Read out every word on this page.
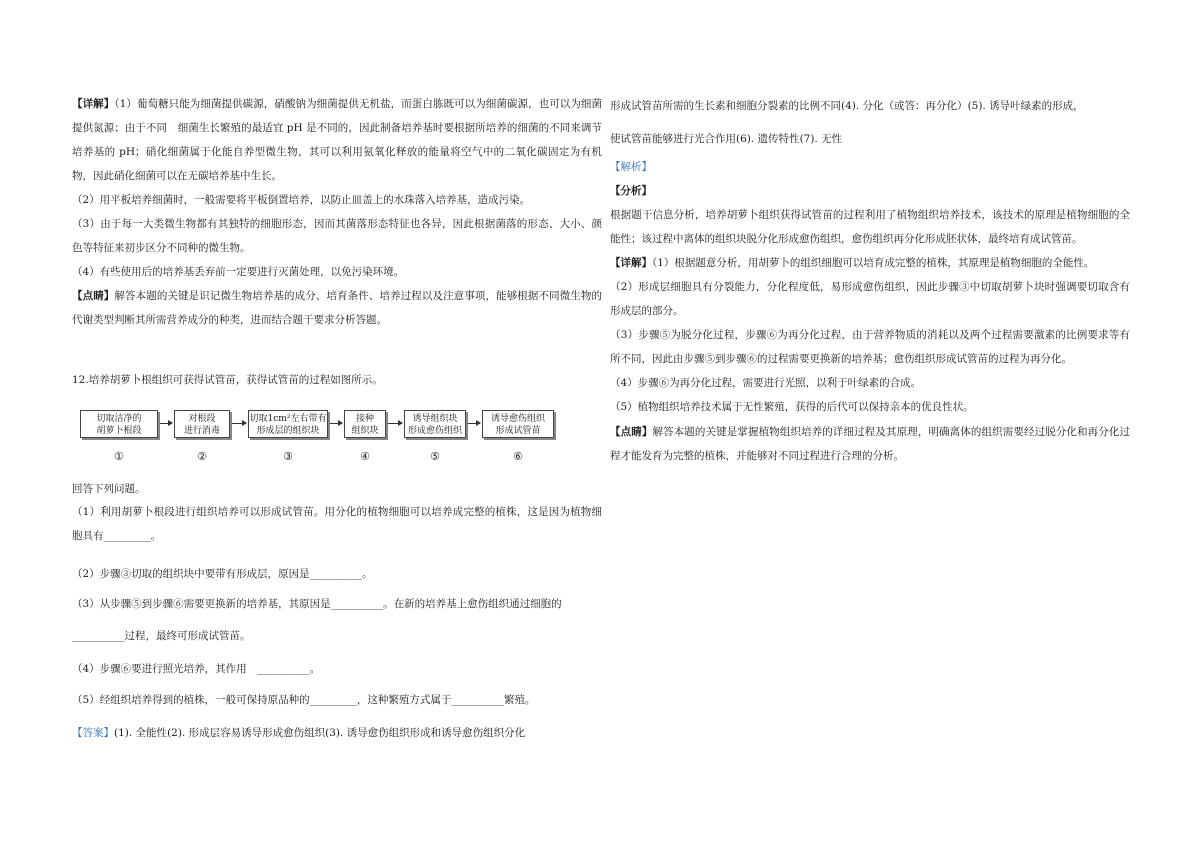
【详解】（1）葡萄糖只能为细菌提供碳源，硝酸钠为细菌提供无机盐，而蛋白胨既可以为细菌碳源，也可以为细菌提供氮源；由于不同　细菌生长繁殖的最适宜 pH 是不同的，因此制备培养基时要根据所培养的细菌的不同来调节培养基的 pH；硝化细菌属于化能自养型微生物，其可以利用氨氧化释放的能量将空气中的二氧化碳固定为有机物，因此硝化细菌可以在无碳培养基中生长。

（2）用平板培养细菌时，一般需要将平板倒置培养，以防止皿盖上的水珠落入培养基，造成污染。

（3）由于每一大类微生物都有其独特的细胞形态，因而其菌落形态特征也各异，因此根据菌落的形态、大小、颜色等特征来初步区分不同种的微生物。

（4）有些使用后的培养基丢弃前一定要进行灭菌处理，以免污染环境。

【点睛】解答本题的关键是识记微生物培养基的成分、培育条件、培养过程以及注意事项，能够根据不同微生物的代谢类型判断其所需营养成分的种类，进而结合题干要求分析答题。

12.培养胡萝卜根组织可获得试管苗，获得试管苗的过程如图所示。

切取洁净的
胡萝卜根段
对根段
进行消毒
切取1cm²左右带有
形成层的组织块
接种
组织块
诱导组织块
形成愈伤组织
诱导愈伤组织
形成试管苗
①	②	③	④	⑤	⑥

回答下列问题。

（1）利用胡萝卜根段进行组织培养可以形成试管苗。用分化的植物细胞可以培养成完整的植株，这是因为植物细胞具有_________。

（2）步骤③切取的组织块中要带有形成层，原因是__________。

（3）从步骤⑤到步骤⑥需要更换新的培养基，其原因是__________。在新的培养基上愈伤组织通过细胞的

__________过程，最终可形成试管苗。

（4）步骤⑥要进行照光培养，其作用　__________。

（5）经组织培养得到的植株，一般可保持原品种的_________，这种繁殖方式属于__________繁殖。

【答案】(1). 全能性(2). 形成层容易诱导形成愈伤组织(3). 诱导愈伤组织形成和诱导愈伤组织分化

形成试管苗所需的生长素和细胞分裂素的比例不同(4). 分化（或答：再分化）(5). 诱导叶绿素的形成，

使试管苗能够进行光合作用(6). 遗传特性(7). 无性

【解析】

【分析】

根据题干信息分析，培养胡萝卜组织获得试管苗的过程利用了植物组织培养技术，该技术的原理是植物细胞的全能性；该过程中离体的组织块脱分化形成愈伤组织，愈伤组织再分化形成胚状体，最终培育成试管苗。

【详解】（1）根据题意分析，用胡萝卜的组织细胞可以培育成完整的植株，其原理是植物细胞的全能性。

（2）形成层细胞具有分裂能力，分化程度低，易形成愈伤组织，因此步骤③中切取胡萝卜块时强调要切取含有形成层的部分。

（3）步骤⑤为脱分化过程，步骤⑥为再分化过程，由于营养物质的消耗以及两个过程需要激素的比例要求等有所不同，因此由步骤⑤到步骤⑥的过程需要更换新的培养基；愈伤组织形成试管苗的过程为再分化。

（4）步骤⑥为再分化过程，需要进行光照，以利于叶绿素的合成。

（5）植物组织培养技术属于无性繁殖，获得的后代可以保持亲本的优良性状。

【点睛】解答本题的关键是掌握植物组织培养的详细过程及其原理，明确离体的组织需要经过脱分化和再分化过程才能发育为完整的植株，并能够对不同过程进行合理的分析。
